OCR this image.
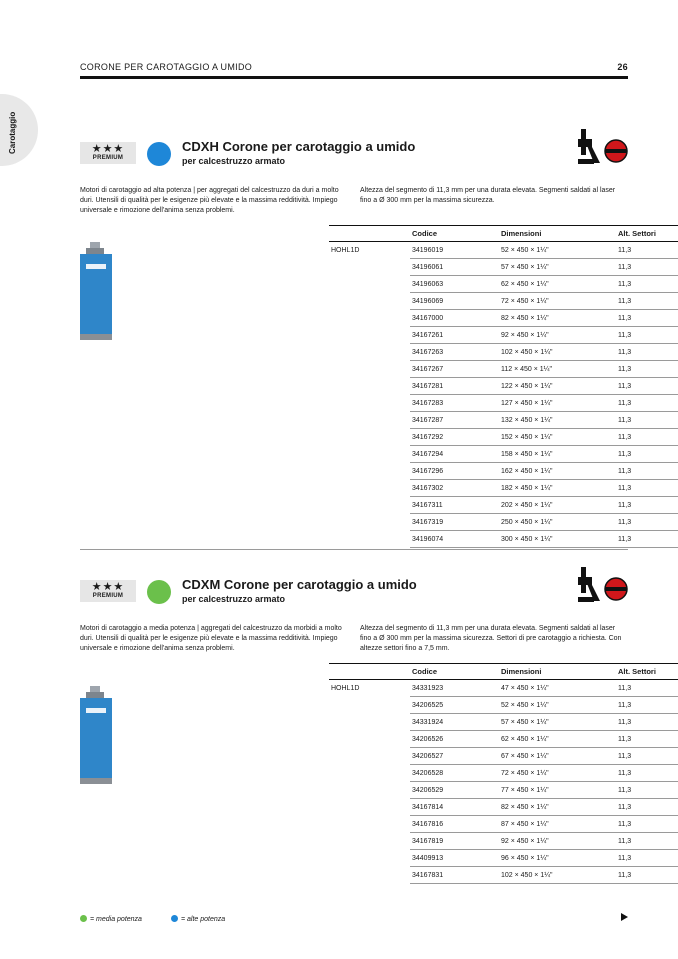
Carotaggio
CORONE PER CAROTAGGIO A UMIDO	26
★★★
PREMIUM
CDXH Corone per carotaggio a umido
per calcestruzzo armato
Motori di carotaggio ad alta potenza | per aggregati del calcestruzzo da duri a molto duri. Utensili di qualità per le esigenze più elevate e la massima redditività. Impiego universale e rimozione dell'anima senza problemi.
Altezza del segmento di 11,3 mm per una durata elevata. Segmenti saldati al laser fino a Ø 300 mm per la massima sicurezza.
	Codice	Dimensioni	Alt. Settori
HOHL1D	34196019	52 × 450 × 1¼"	11,3
	34196061	57 × 450 × 1¼"	11,3
	34196063	62 × 450 × 1¼"	11,3
	34196069	72 × 450 × 1¼"	11,3
	34167000	82 × 450 × 1¼"	11,3
	34167261	92 × 450 × 1¼"	11,3
	34167263	102 × 450 × 1¼"	11,3
	34167267	112 × 450 × 1¼"	11,3
	34167281	122 × 450 × 1¼"	11,3
	34167283	127 × 450 × 1¼"	11,3
	34167287	132 × 450 × 1¼"	11,3
	34167292	152 × 450 × 1¼"	11,3
	34167294	158 × 450 × 1¼"	11,3
	34167296	162 × 450 × 1¼"	11,3
	34167302	182 × 450 × 1¼"	11,3
	34167311	202 × 450 × 1¼"	11,3
	34167319	250 × 450 × 1¼"	11,3
	34196074	300 × 450 × 1¼"	11,3
★★★
PREMIUM
CDXM Corone per carotaggio a umido
per calcestruzzo armato
Motori di carotaggio a media potenza | aggregati del calcestruzzo da morbidi a molto duri. Utensili di qualità per le esigenze più elevate e la massima redditività. Impiego universale e rimozione dell'anima senza problemi.
Altezza del segmento di 11,3 mm per una durata elevata. Segmenti saldati al laser fino a Ø 300 mm per la massima sicurezza. Settori di pre carotaggio a richiesta. Con altezze settori fino a 7,5 mm.
	Codice	Dimensioni	Alt. Settori
HOHL1D	34331923	47 × 450 × 1¼"	11,3
	34206525	52 × 450 × 1¼"	11,3
	34331924	57 × 450 × 1¼"	11,3
	34206526	62 × 450 × 1¼"	11,3
	34206527	67 × 450 × 1¼"	11,3
	34206528	72 × 450 × 1¼"	11,3
	34206529	77 × 450 × 1¼"	11,3
	34167814	82 × 450 × 1¼"	11,3
	34167816	87 × 450 × 1¼"	11,3
	34167819	92 × 450 × 1¼"	11,3
	34409913	96 × 450 × 1¼"	11,3
	34167831	102 × 450 × 1¼"	11,3
= media potenza	= alte potenza
